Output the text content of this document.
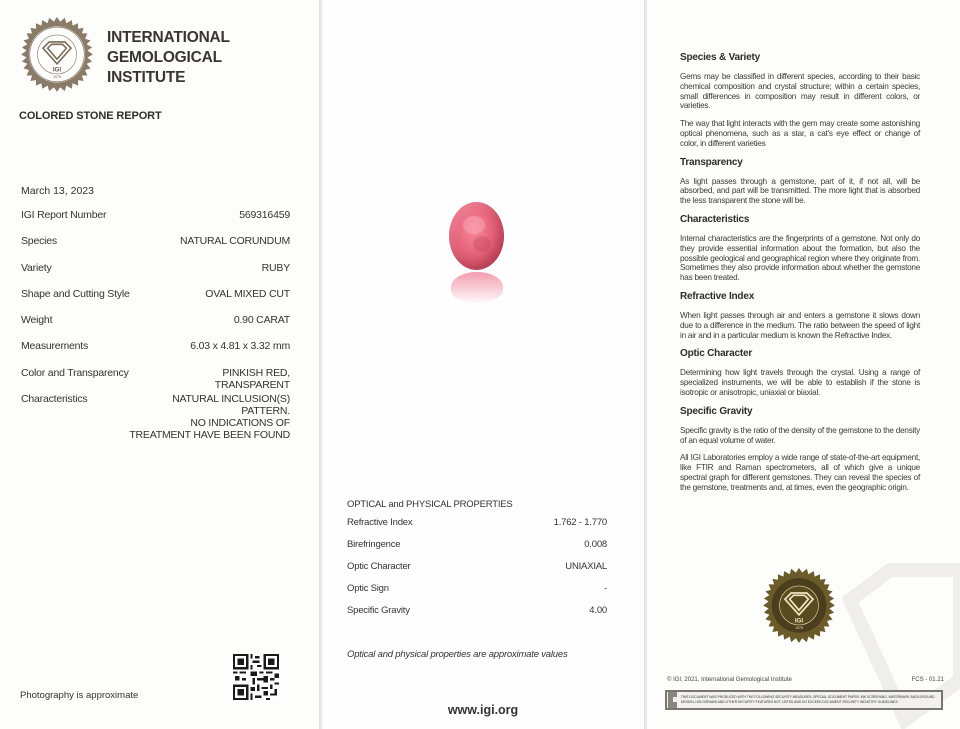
IGI
1975
INTERNATIONAL
GEMOLOGICAL
INSTITUTE
COLORED STONE REPORT
March 13, 2023
IGI Report Number	569316459
Species	NATURAL CORUNDUM
Variety	RUBY
Shape and Cutting Style	OVAL MIXED CUT
Weight	0.90 CARAT
Measurements	6.03 x 4.81 x 3.32 mm
Color and Transparency	PINKISH RED,
TRANSPARENT
Characteristics	NATURAL INCLUSION(S)
PATTERN.
NO INDICATIONS OF
TREATMENT HAVE BEEN FOUND
Photography is approximate
OPTICAL and PHYSICAL PROPERTIES
Refractive Index	1.762 - 1.770
Birefringence	0.008
Optic Character	UNIAXIAL
Optic Sign	-
Specific Gravity	4.00
Optical and physical properties are approximate values
www.igi.org
Species & Variety

Gems may be classified in different species, according to their basic chemical composition and crystal structure; within a certain species, small differences in composition may result in different colors, or varieties.

The way that light interacts with the gem may create some astonishing optical phenomena, such as a star, a cat's eye effect or change of color, in different varieties

Transparency

As light passes through a gemstone, part of it, if not all, will be absorbed, and part will be transmitted. The more light that is absorbed the less transparent the stone will be.

Characteristics

Internal characteristics are the fingerprints of a gemstone. Not only do they provide essential information about the formation, but also the possible geological and geographical region where they originate from. Sometimes they also provide information about whether the gemstone has been treated.

Refractive Index

When light passes through air and enters a gemstone it slows down due to a difference in the medium. The ratio between the speed of light in air and in a particular medium is known the Refractive Index.

Optic Character

Determining how light travels through the crystal. Using a range of specialized instruments, we will be able to establish if the stone is isotropic or anisotropic, uniaxial or biaxial.

Specific Gravity

Specific gravity is the ratio of the density of the gemstone to the density of an equal volume of water.

All IGI Laboratories employ a wide range of state-of-the-art equipment, like FTIR and Raman spectrometers, all of which give a unique spectral graph for different gemstones. They can reveal the species of the gemstone, treatments and, at times, even the geographic origin.

IGI
1975
© IGI, 2021, International Gemological Institute	FCS - 01.21
THIS DOCUMENT WAS PRODUCED WITH THE FOLLOWING SECURITY MEASURES: SPECIAL DOCUMENT PAPER, INK SCREENING, WATERMARK BACKGROUND DESIGN, HOLOGRAMS AND OTHER SECURITY FEATURES NOT LISTED AND DO EXCEED DOCUMENT SECURITY INDUSTRY GUIDELINES
